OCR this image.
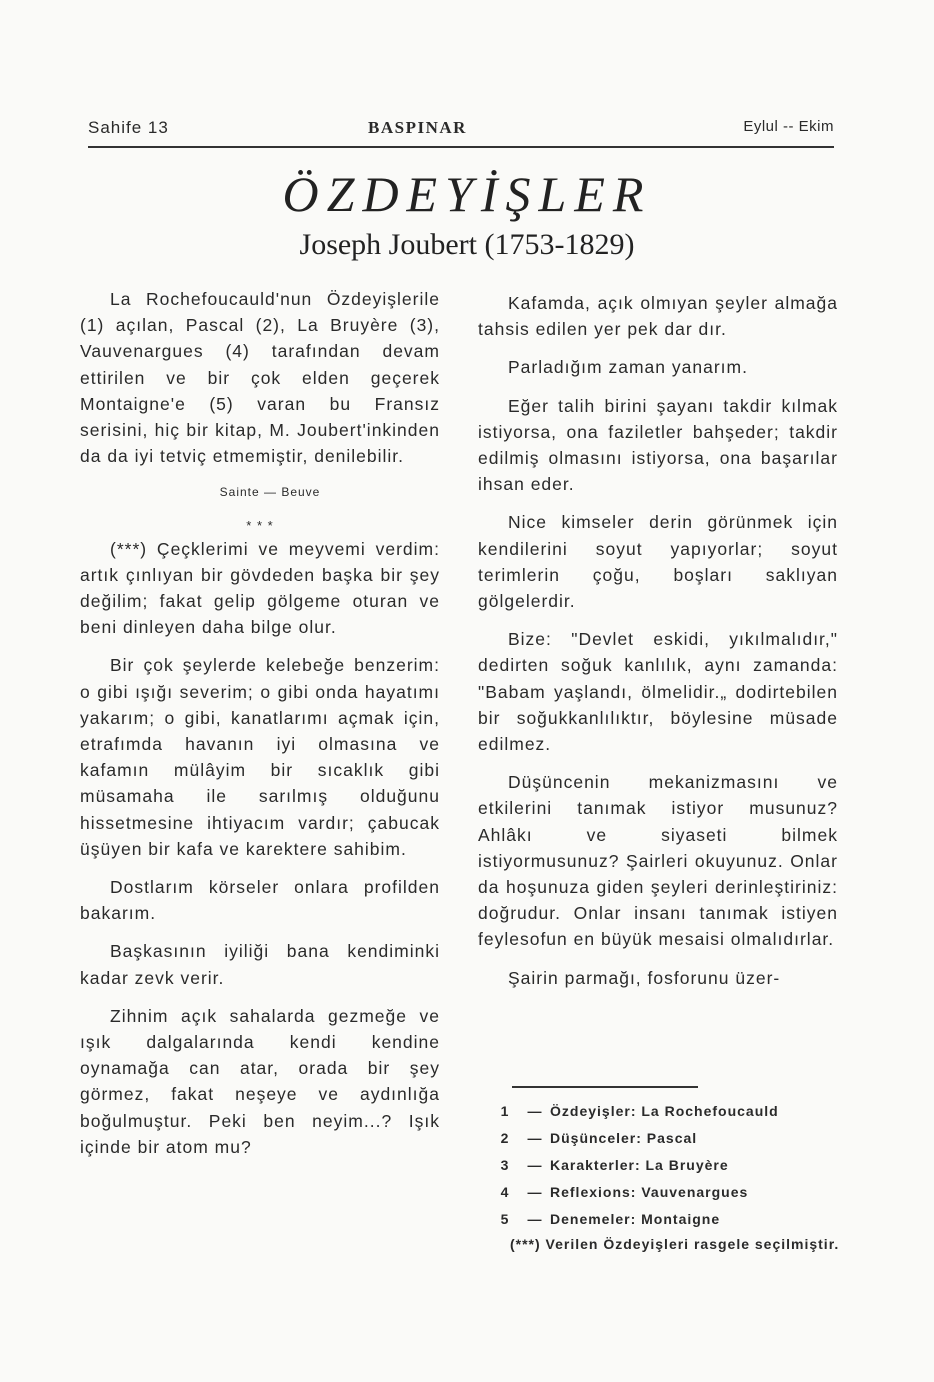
Sahife 13	BASPINAR	Eylul -- Ekim
ÖZDEYİŞLER
Joseph Joubert (1753-1829)

La Rochefoucauld'nun Özdeyişlerile (1) açılan, Pascal (2), La Bruyère (3), Vauvenargues (4) tarafından devam ettirilen ve bir çok elden geçerek Montaigne'e (5) varan bu Fransız serisini, hiç bir kitap, M. Joubert'inkinden da da iyi tetviç etmemiştir, denilebilir.

Sainte — Beuve
* * *

(***) Çeçklerimi ve meyvemi verdim: artık çınlıyan bir gövdeden başka bir şey değilim; fakat gelip gölgeme oturan ve beni dinleyen daha bilge olur.

Bir çok şeylerde kelebeğe benzerim: o gibi ışığı severim; o gibi onda hayatımı yakarım; o gibi, kanatlarımı açmak için, etrafımda havanın iyi olmasına ve kafamın mülâyim bir sıcaklık gibi müsamaha ile sarılmış olduğunu hissetmesine ihtiyacım vardır; çabucak üşüyen bir kafa ve karektere sahibim.

Dostlarım körseler onlara profilden bakarım.

Başkasının iyiliği bana kendiminki kadar zevk verir.

Zihnim açık sahalarda gezmeğe ve ışık dalgalarında kendi kendine oynamağa can atar, orada bir şey görmez, fakat neşeye ve aydınlığa boğulmuştur. Peki ben neyim...? Işık içinde bir atom mu?

Kafamda, açık olmıyan şeyler almağa tahsis edilen yer pek dar dır.

Parladığım zaman yanarım.

Eğer talih birini şayanı takdir kılmak istiyorsa, ona faziletler bahşeder; takdir edilmiş olmasını istiyorsa, ona başarılar ihsan eder.

Nice kimseler derin görünmek için kendilerini soyut yapıyorlar; soyut terimlerin çoğu, boşları saklıyan gölgelerdir.

Bize: "Devlet eskidi, yıkılmalıdır," dedirten soğuk kanlılık, aynı zamanda: "Babam yaşlandı, ölmelidir.„ dodirtebilen bir soğukkanlılıktır, böylesine müsade edilmez.

Düşüncenin mekanizmasını ve etkilerini tanımak istiyor musunuz? Ahlâkı ve siyaseti bilmek istiyormusunuz? Şairleri okuyunuz. Onlar da hoşunuza giden şeyleri derinleştiriniz: doğrudur. Onlar insanı tanımak istiyen feylesofun en büyük mesaisi olmalıdırlar.

Şairin parmağı, fosforunu üzer-

1	— Özdeyişler: La Rochefoucauld
2	— Düşünceler: Pascal
3	— Karakterler: La Bruyère
4	— Reflexions: Vauvenargues
5	— Denemeler: Montaigne
(***) Verilen Özdeyişleri rasgele seçilmiştir.
